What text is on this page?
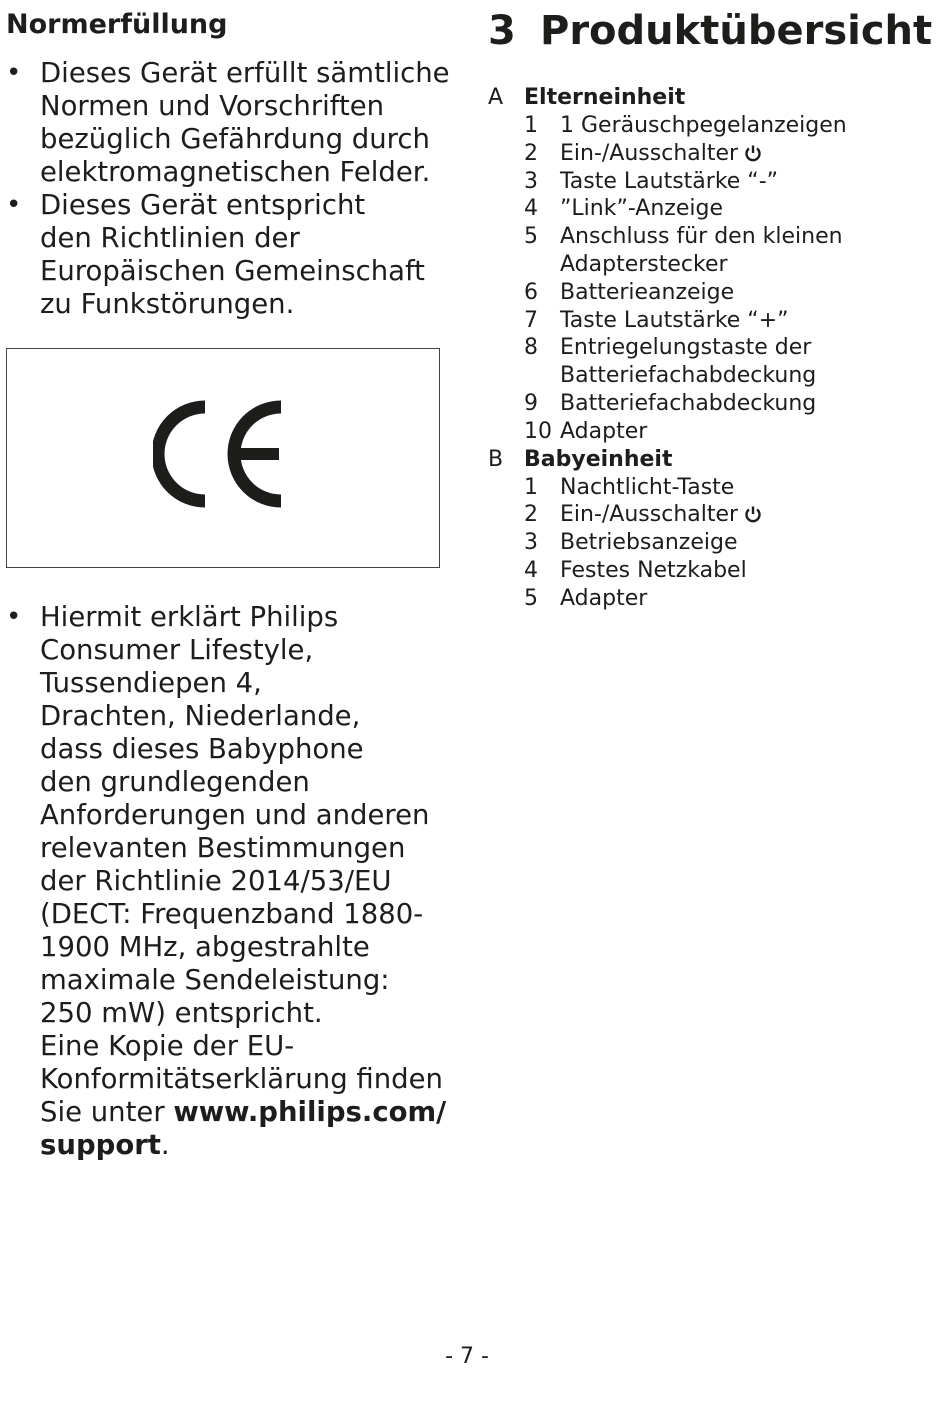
Normerfüllung
• Dieses Gerät erfüllt sämtliche
Normen und Vorschriften
bezüglich Gefährdung durch
elektromagnetischen Felder.
• Dieses Gerät entspricht
den Richtlinien der
Europäischen Gemeinschaft
zu Funkstörungen.
• Hiermit erklärt Philips
Consumer Lifestyle,
Tussendiepen 4,
Drachten, Niederlande,
dass dieses Babyphone
den grundlegenden
Anforderungen und anderen
relevanten Bestimmungen
der Richtlinie 2014/53/EU
(DECT: Frequenzband 1880-
1900 MHz, abgestrahlte
maximale Sendeleistung:
250 mW) entspricht.
Eine Kopie der EU-
Konformitätserklärung finden
Sie unter www.philips.com/
support.
3 Produktübersicht
A Elterneinheit
1	1 Geräuschpegelanzeigen
2	Ein-/Ausschalter
3	Taste Lautstärke “-”
4	”Link”-Anzeige
5	Anschluss für den kleinen
Adapterstecker
6	Batterieanzeige
7	Taste Lautstärke “+”
8	Entriegelungstaste der
Batteriefachabdeckung
9	Batteriefachabdeckung
10 Adapter
B Babyeinheit
1	Nachtlicht-Taste
2	Ein-/Ausschalter
3	Betriebsanzeige
4	Festes Netzkabel
5	Adapter
- 7 -
